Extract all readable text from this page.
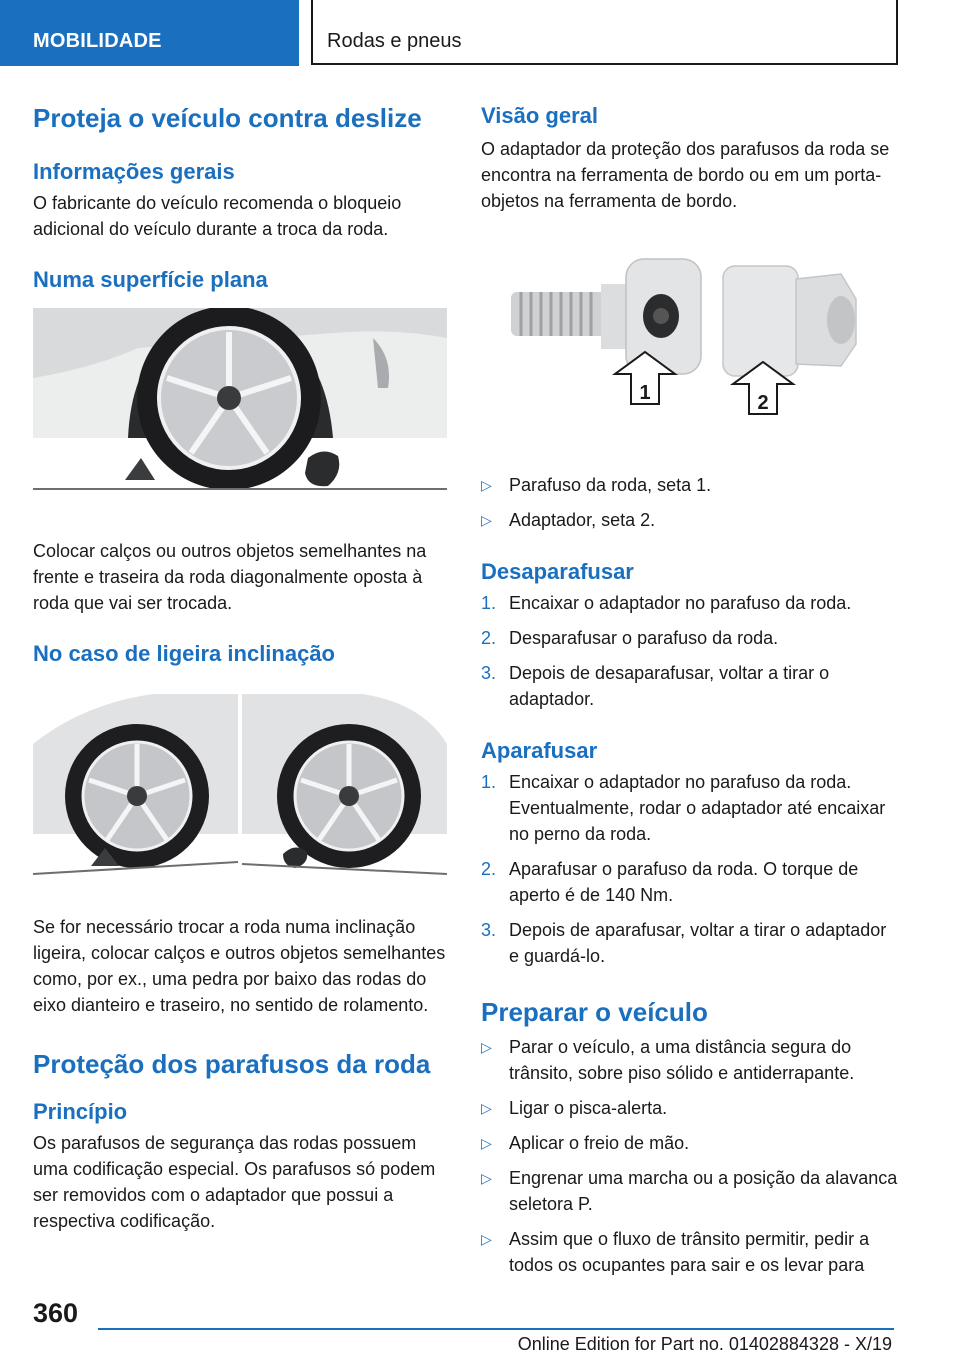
MOBILIDADE	Rodas e pneus
Proteja o veículo contra deslize
Informações gerais

O fabricante do veículo recomenda o bloqueio adicional do veículo durante a troca da roda.

Numa superfície plana

Colocar calços ou outros objetos semelhantes na frente e traseira da roda diagonalmente oposta à roda que vai ser trocada.

No caso de ligeira inclinação

Se for necessário trocar a roda numa inclinação ligeira, colocar calços e outros objetos semelhantes como, por ex., uma pedra por baixo das rodas do eixo dianteiro e traseiro, no sentido de rolamento.

Proteção dos parafusos da roda
Princípio

Os parafusos de segurança das rodas possuem uma codificação especial. Os parafusos só podem ser removidos com o adaptador que possui a respectiva codificação.

Visão geral

O adaptador da proteção dos parafusos da roda se encontra na ferramenta de bordo ou em um porta-objetos na ferramenta de bordo.

1	2
▷ Parafuso da roda, seta 1.
▷ Adaptador, seta 2.
Desaparafusar
1. Encaixar o adaptador no parafuso da roda.
2. Desparafusar o parafuso da roda.
3. Depois de desaparafusar, voltar a tirar o adaptador.
Aparafusar
1. Encaixar o adaptador no parafuso da roda. Eventualmente, rodar o adaptador até encaixar no perno da roda.
2. Aparafusar o parafuso da roda. O torque de aperto é de 140 Nm.
3. Depois de aparafusar, voltar a tirar o adaptador e guardá-lo.
Preparar o veículo
▷ Parar o veículo, a uma distância segura do trânsito, sobre piso sólido e antiderrapante.
▷ Ligar o pisca-alerta.
▷ Aplicar o freio de mão.
▷ Engrenar uma marcha ou a posição da alavanca seletora P.
▷ Assim que o fluxo de trânsito permitir, pedir a todos os ocupantes para sair e os levar para
360
Online Edition for Part no. 01402884328 - X/19
